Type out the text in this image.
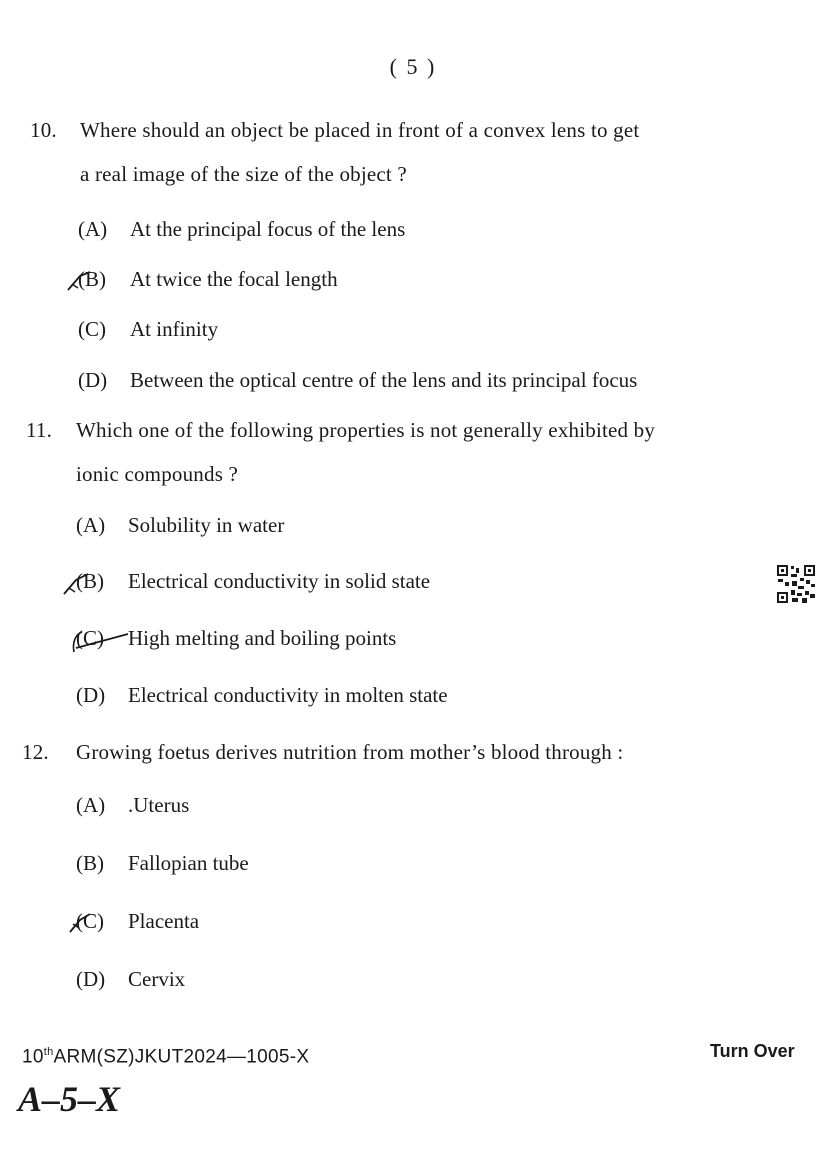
( 5 )
10. Where should an object be placed in front of a convex lens to get
a real image of the size of the object ?
(A) At the principal focus of the lens
(B) At twice the focal length
(C) At infinity
(D) Between the optical centre of the lens and its principal focus
11. Which one of the following properties is not generally exhibited by
ionic compounds ?
(A) Solubility in water
(B) Electrical conductivity in solid state
(C) High melting and boiling points
(D) Electrical conductivity in molten state
12. Growing foetus derives nutrition from mother’s blood through :
(A) .Uterus
(B) Fallopian tube
(C) Placenta
(D) Cervix
10thARM(SZ)JKUT2024—1005-X	Turn Over
A–5–X
